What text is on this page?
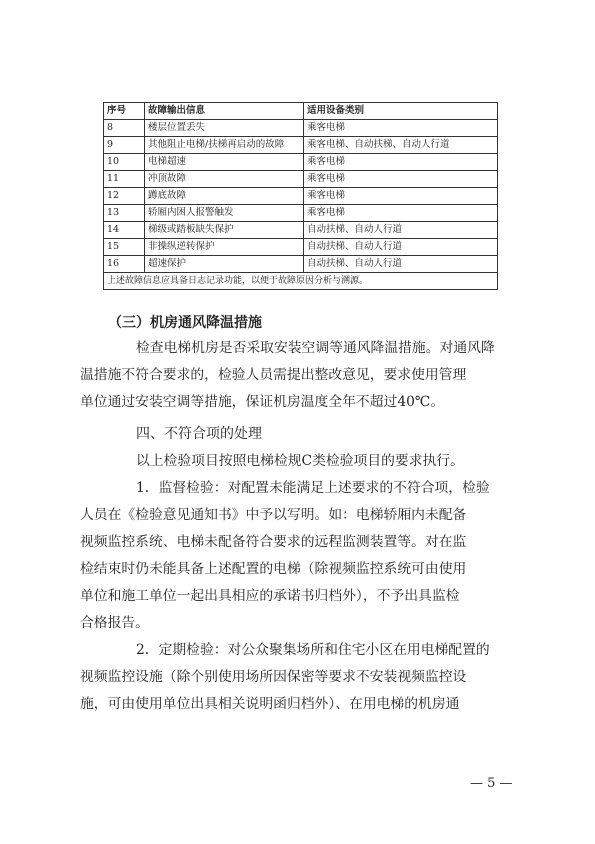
序号	故障输出信息	适用设备类别
8	楼层位置丢失	乘客电梯
9	其他阻止电梯/扶梯再启动的故障	乘客电梯、自动扶梯、自动人行道
10	电梯超速	乘客电梯
11	冲顶故障	乘客电梯
12	蹲底故障	乘客电梯
13	轿厢内困人报警触发	乘客电梯
14	梯级或踏板缺失保护	自动扶梯、自动人行道
15	非操纵逆转保护	自动扶梯、自动人行道
16	超速保护	自动扶梯、自动人行道
上述故障信息应具备日志记录功能，以便于故障原因分析与溯源。		
（三）机房通风降温措施
检查电梯机房是否采取安装空调等通风降温措施。对通风降
温措施不符合要求的，检验人员需提出整改意见，要求使用管理
单位通过安装空调等措施，保证机房温度全年不超过40℃。
四、不符合项的处理
以上检验项目按照电梯检规C类检验项目的要求执行。
1．监督检验：对配置未能满足上述要求的不符合项，检验
人员在《检验意见通知书》中予以写明。如：电梯轿厢内未配备
视频监控系统、电梯未配备符合要求的远程监测装置等。对在监
检结束时仍未能具备上述配置的电梯（除视频监控系统可由使用
单位和施工单位一起出具相应的承诺书归档外），不予出具监检
合格报告。
2．定期检验：对公众聚集场所和住宅小区在用电梯配置的
视频监控设施（除个别使用场所因保密等要求不安装视频监控设
施，可由使用单位出具相关说明函归档外）、在用电梯的机房通
— 5 —
